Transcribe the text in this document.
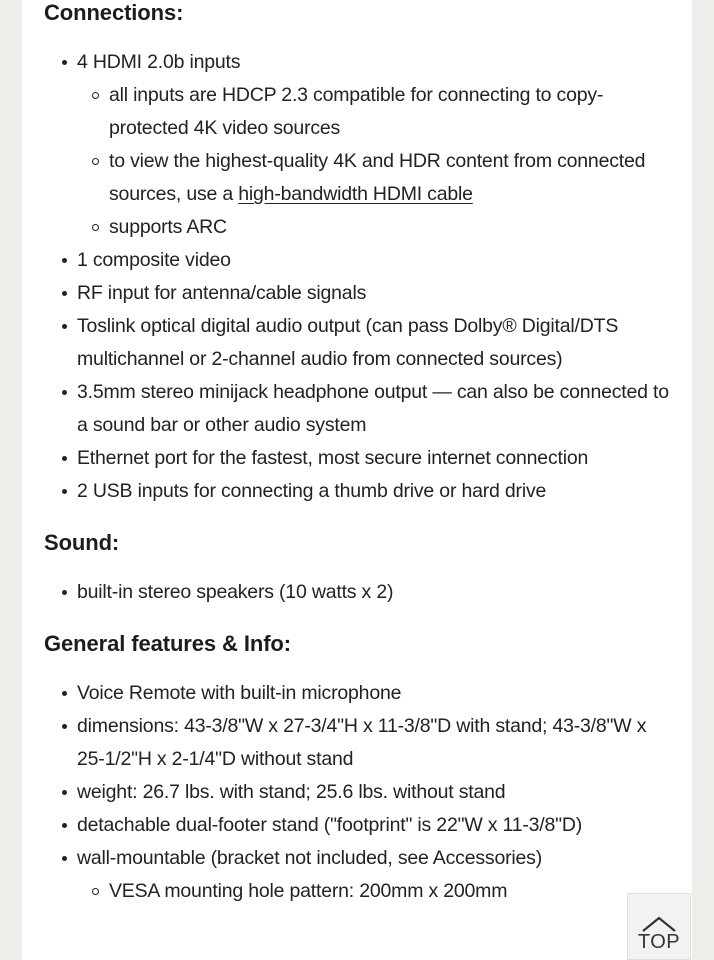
Connections:
4 HDMI 2.0b inputs
all inputs are HDCP 2.3 compatible for connecting to copy-protected 4K video sources
to view the highest-quality 4K and HDR content from connected sources, use a high-bandwidth HDMI cable
supports ARC
1 composite video
RF input for antenna/cable signals
Toslink optical digital audio output (can pass Dolby® Digital/DTS multichannel or 2-channel audio from connected sources)
3.5mm stereo minijack headphone output — can also be connected to a sound bar or other audio system
Ethernet port for the fastest, most secure internet connection
2 USB inputs for connecting a thumb drive or hard drive
Sound:
built-in stereo speakers (10 watts x 2)
General features & Info:
Voice Remote with built-in microphone
dimensions: 43-3/8"W x 27-3/4"H x 11-3/8"D with stand; 43-3/8"W x 25-1/2"H x 2-1/4"D without stand
weight: 26.7 lbs. with stand; 25.6 lbs. without stand
detachable dual-footer stand ("footprint" is 22"W x 11-3/8"D)
wall-mountable (bracket not included, see Accessories)
VESA mounting hole pattern: 200mm x 200mm
TOP
